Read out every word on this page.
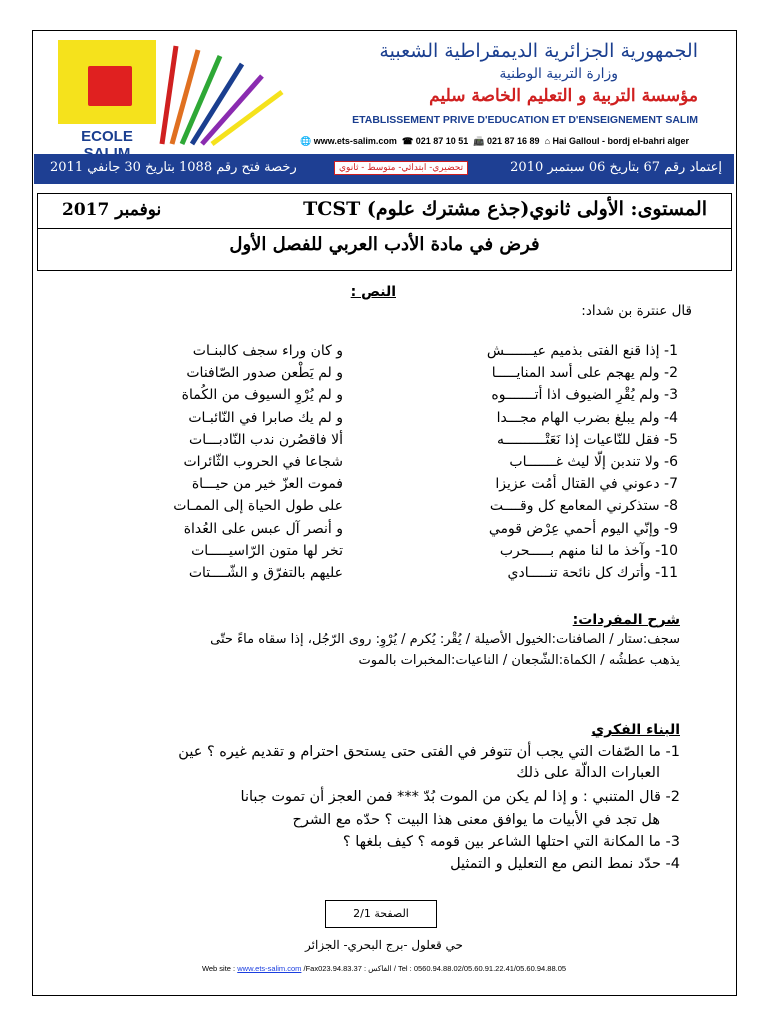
ECOLE
الجمهورية الجزائرية الديمقراطية الشعبية
وزارة التربية الوطنية
مؤسسة التربية و التعليم الخاصة سليم
ETABLISSEMENT PRIVE D'EDUCATION ET D'ENSEIGNEMENT SALIM
🌐 www.ets-salim.com ☎ 021 87 10 51 📠 021 87 16 89 ⌂ Hai Galloul - bordj el-bahri alger
إعتماد رقم 67 بتاريخ 06 سبتمبر 2010
تحضيري- ابتدائي- متوسط - ثانوي
رخصة فتح رقم 1088 بتاريخ 30 جانفي 2011
المستوى: الأولى ثانوي(جذع مشترك علوم) TCST
نوفمبر 2017
فرض في مادة الأدب العربي للفصل الأول
النص :
قال عنترة بن شداد:
1- إذا قنع الفتى بذميم عيـــــــش
و كان وراء سجف كالبنـات
2- ولم يهجم على أسد المنايـــــا
و لم يَطْعن صدور الصّافنات
3- ولم يُقْرِ الضيوف اذا أتـــــــوه
و لم يُرْوِ السيوف من الكُماة
4- ولم يبلغ بضرب الهام مجـــدا
و لم يك صابرا في النّائبـات
5- فقل للنّاعيات إذا نَعَتْــــــــــه
ألا فاقصُرن ندب النّادبـــات
6- ولا تندبن إلّا ليث غـــــــاب
شجاعا في الحروب الثّائرات
7- دعوني في القتال أمُت عزيزا
فموت العزّ خير من حيـــاة
8- ستذكرني المعامع كل وقــــت
على طول الحياة إلى الممـات
9- وإنّي اليوم أحمي عِرْض قومي
و أنصر آل عبس على العُداة
10- وآخذ ما لنا منهم بـــــحرب
تخر لها متون الرّاسيـــــات
11- وأترك كل نائحة تنـــــادي
عليهم بالتفرّق و الشّــــتات
شرح المفردات:
سجف:ستار / الصافنات:الخيول الأصيلة / يُقْر: يُكرم / يُرْوِ: روى الرّجُل، إذا سقاه ماءً حتّى
يذهب عطشُه / الكماة:الشّجعان / الناعيات:المخبرات بالموت
البناء الفكري
1- ما الصّفات التي يجب أن تتوفر في الفتى حتى يستحق احترام و تقديم غيره ؟ عين
العبارات الدالّة على ذلك
2- قال المتنبي : و إذا لم يكن من الموت بُدّ *** فمن العجز أن تموت جبانا
هل تجد في الأبيات ما يوافق معنى هذا البيت ؟ حدّه مع الشرح
3- ما المكانة التي احتلها الشاعر بين قومه ؟ كيف بلغها ؟
4- حدّد نمط النص مع التعليل و التمثيل
الصفحة 2/1
حي قعلول -برج البحري- الجزائر
Web site : www.ets-salim.com /Fax023.94.83.37 : الفاكس / Tel : 0560.94.88.02/05.60.91.22.41/05.60.94.88.05
